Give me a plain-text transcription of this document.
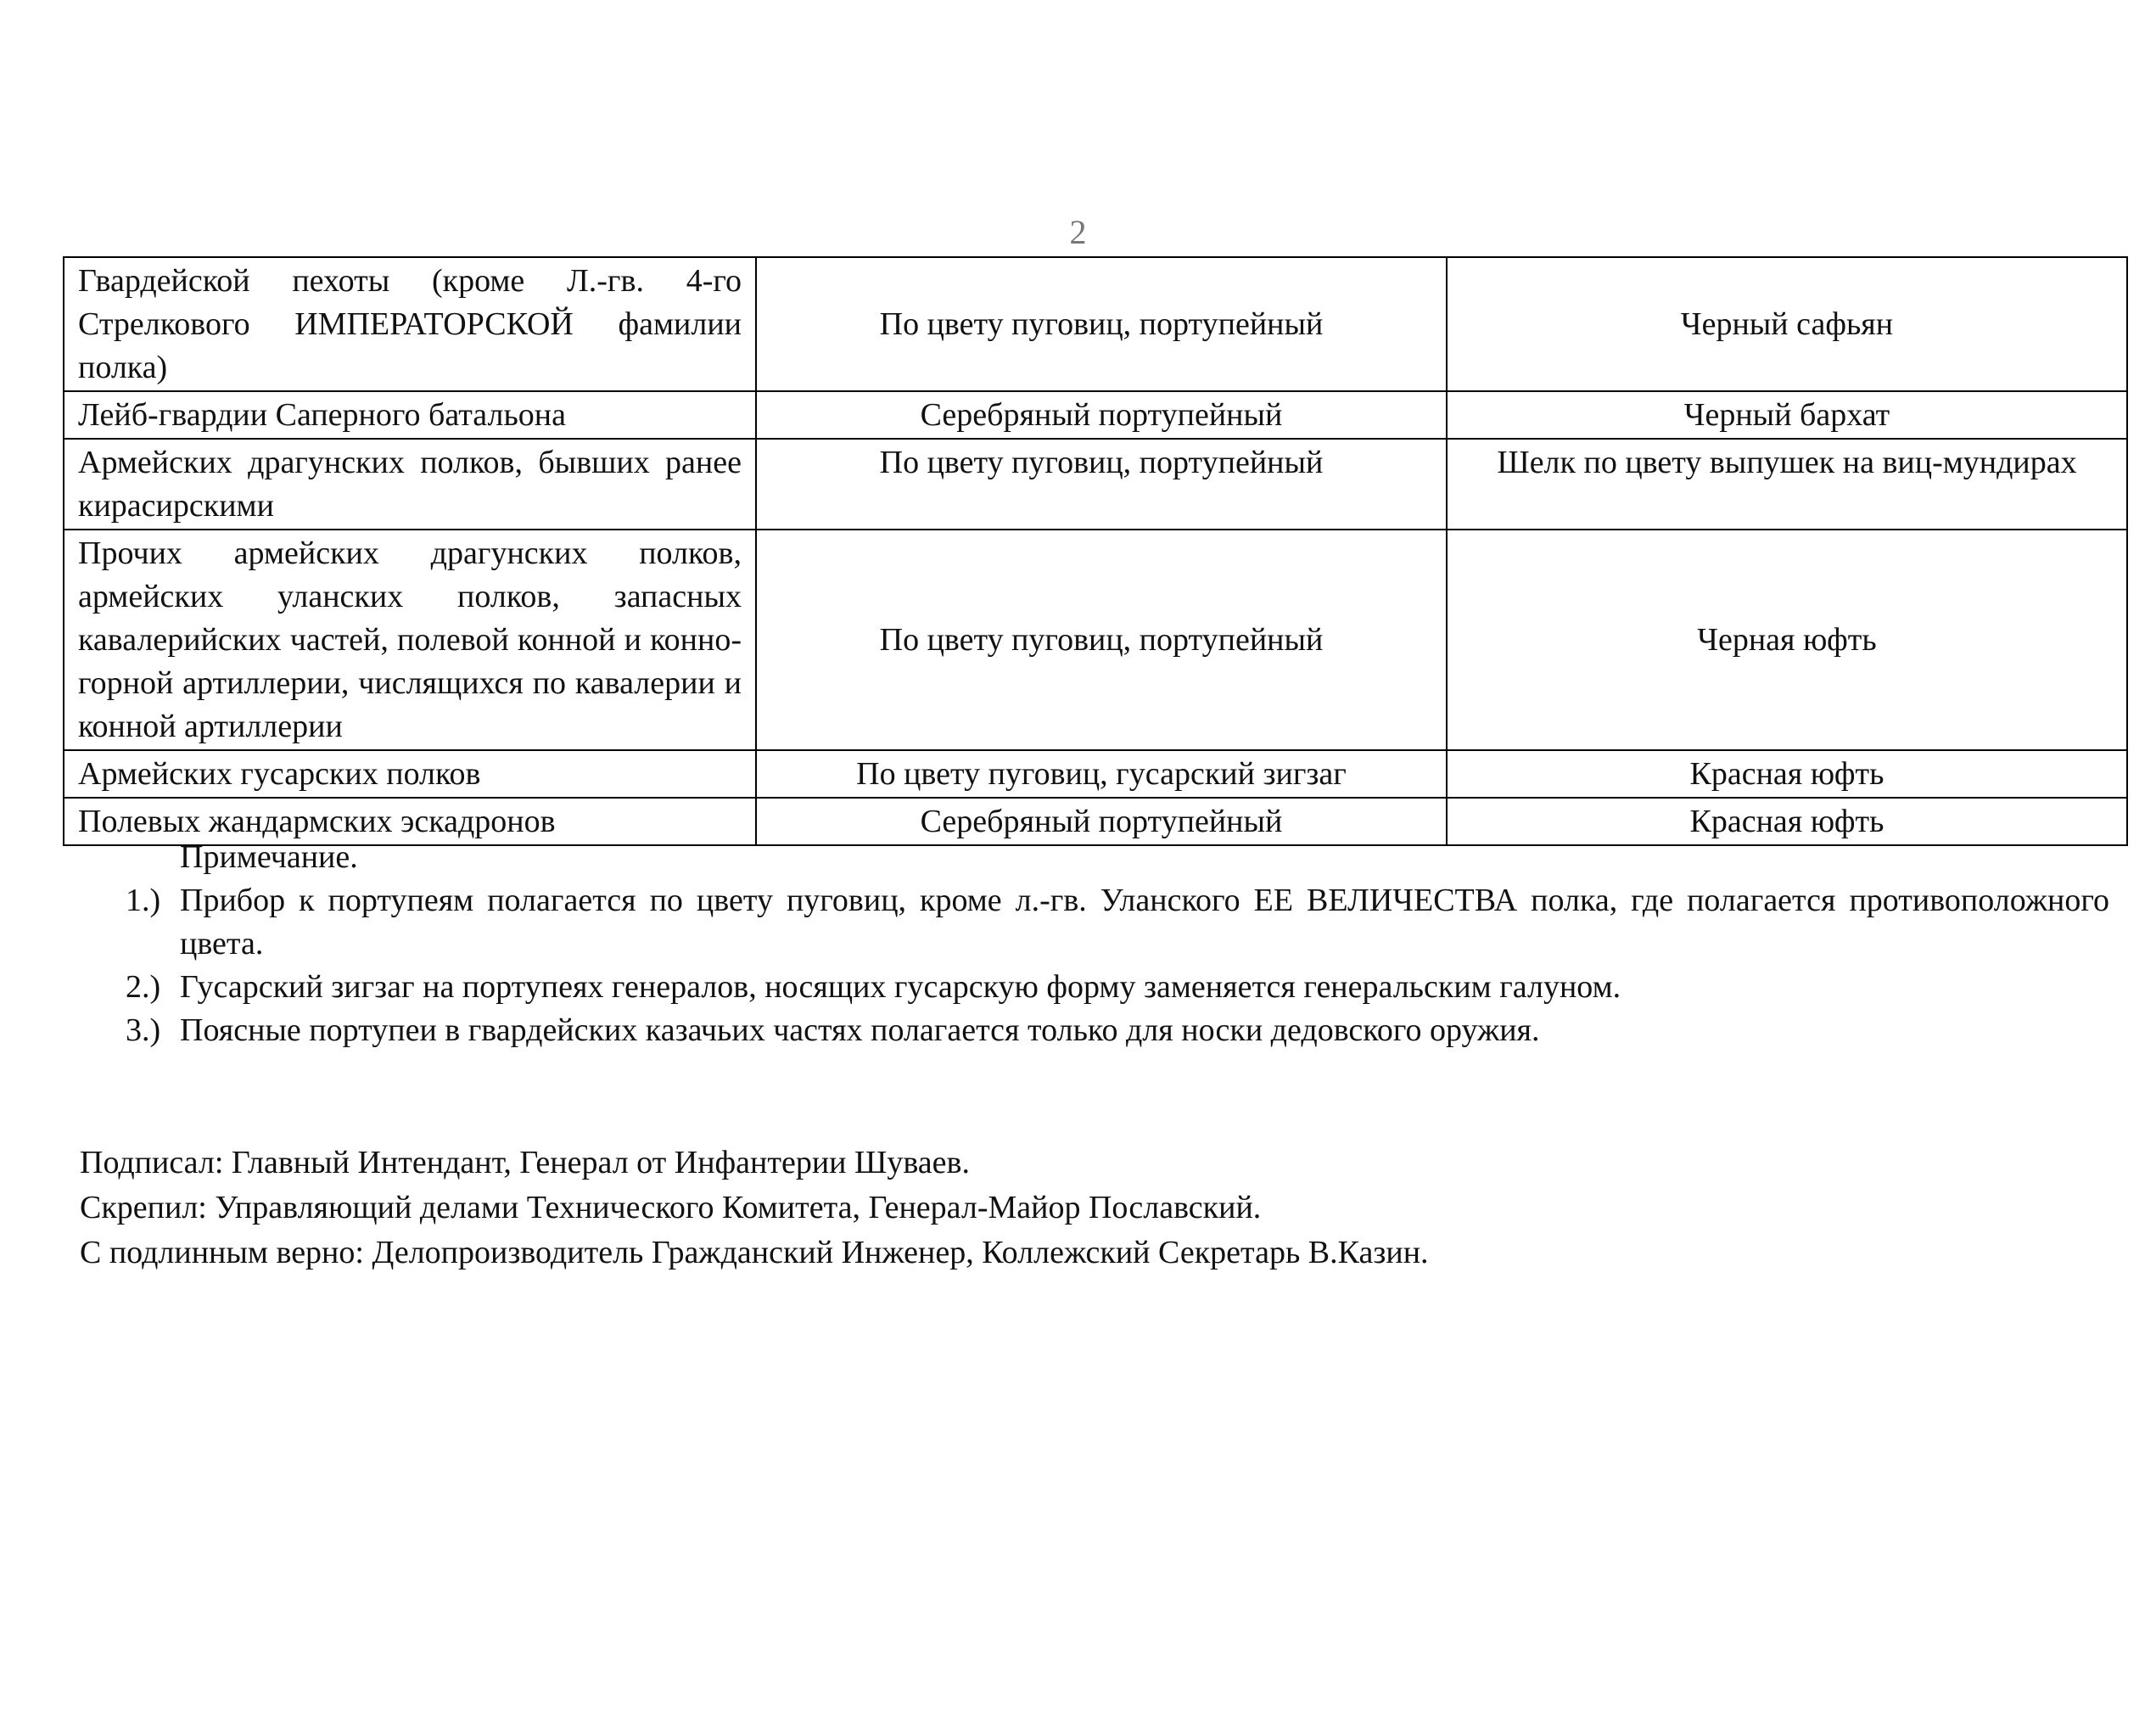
2
Гвардейской пехоты (кроме Л.-гв. 4-го Стрелкового ИМПЕРАТОРСКОЙ фамилии полка)	По цвету пуговиц, портупейный	Черный сафьян
Лейб-гвардии Саперного батальона	Серебряный портупейный	Черный бархат
Армейских драгунских полков, бывших ранее кирасирскими	По цвету пуговиц, портупейный	Шелк по цвету выпушек на виц-мундирах
Прочих армейских драгунских полков, армейских уланских полков, запасных кавалерийских частей, полевой конной и конно-горной артиллерии, числящихся по кавалерии и конной артиллерии	По цвету пуговиц, портупейный	Черная юфть
Армейских гусарских полков	По цвету пуговиц, гусарский зигзаг	Красная юфть
Полевых жандармских эскадронов	Серебряный портупейный	Красная юфть
Примечание.
1.) Прибор к портупеям полагается по цвету пуговиц, кроме л.-гв. Уланского ЕЕ ВЕЛИЧЕСТВА полка, где полагается противоположного цвета.
2.) Гусарский зигзаг на портупеях генералов, носящих гусарскую форму заменяется генеральским галуном.
3.) Поясные портупеи в гвардейских казачьих частях полагается только для носки дедовского оружия.
Подписал: Главный Интендант, Генерал от Инфантерии Шуваев.
Скрепил: Управляющий делами Технического Комитета, Генерал-Майор Пославский.
С подлинным верно: Делопроизводитель Гражданский Инженер, Коллежский Секретарь В.Казин.
